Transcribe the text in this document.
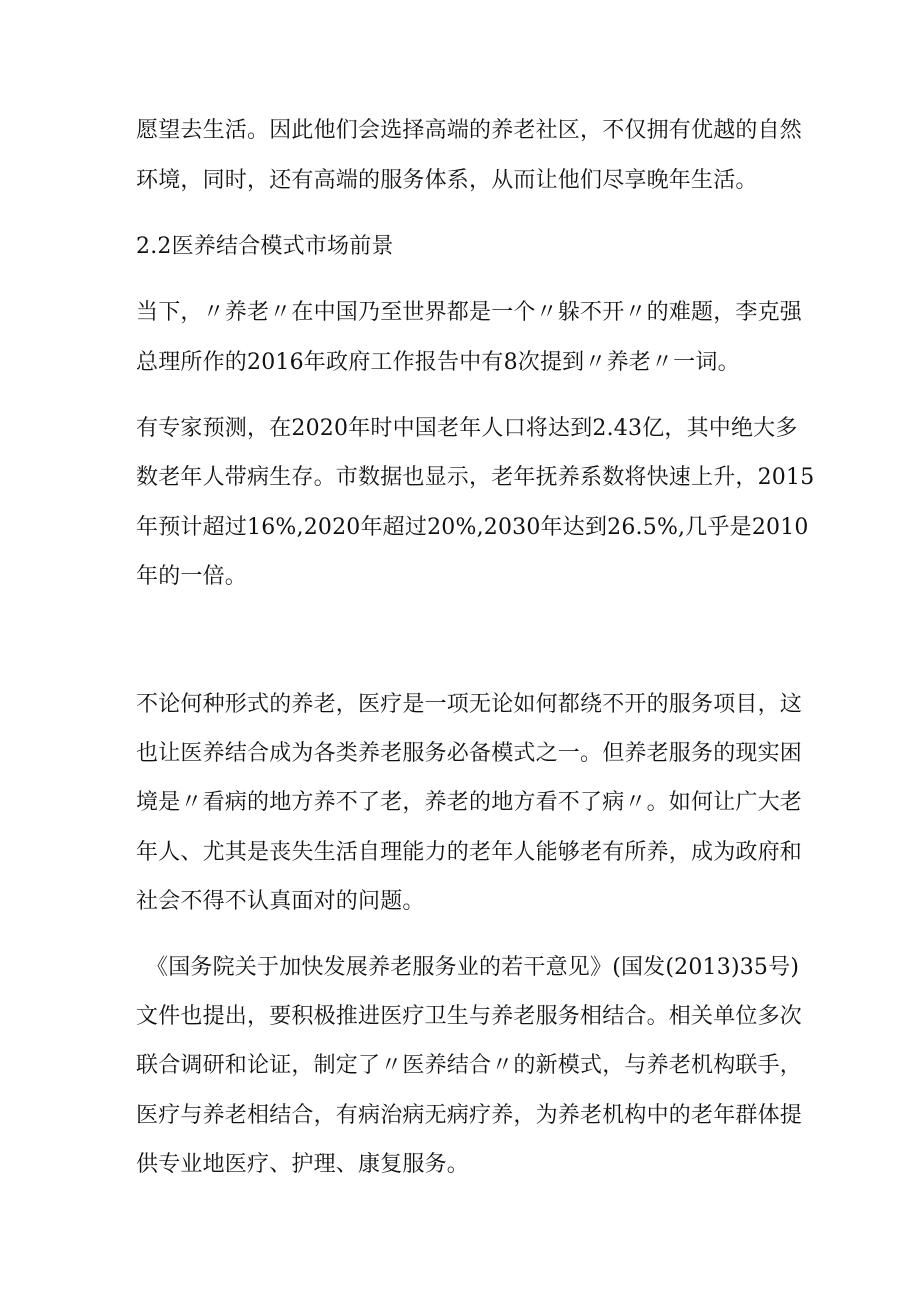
愿望去生活。因此他们会选择高端的养老社区，不仅拥有优越的自然

环境，同时，还有高端的服务体系，从而让他们尽享晚年生活。

2.2医养结合模式市场前景

当下，〃养老〃在中国乃至世界都是一个〃躲不开〃的难题，李克强

总理所作的2016年政府工作报告中有8次提到〃养老〃一词。

有专家预测，在2020年时中国老年人口将达到2.43亿，其中绝大多

数老年人带病生存。市数据也显示，老年抚养系数将快速上升，2015

年预计超过16%,2020年超过20%,2030年达到26.5%,几乎是2010

年的一倍。

不论何种形式的养老，医疗是一项无论如何都绕不开的服务项目，这

也让医养结合成为各类养老服务必备模式之一。但养老服务的现实困

境是〃看病的地方养不了老，养老的地方看不了病〃。如何让广大老

年人、尤其是丧失生活自理能力的老年人能够老有所养，成为政府和

社会不得不认真面对的问题。

《国务院关于加快发展养老服务业的若干意见》(国发(2013)35号)

文件也提出，要积极推进医疗卫生与养老服务相结合。相关单位多次

联合调研和论证，制定了〃医养结合〃的新模式，与养老机构联手，

医疗与养老相结合，有病治病无病疗养，为养老机构中的老年群体提

供专业地医疗、护理、康复服务。
